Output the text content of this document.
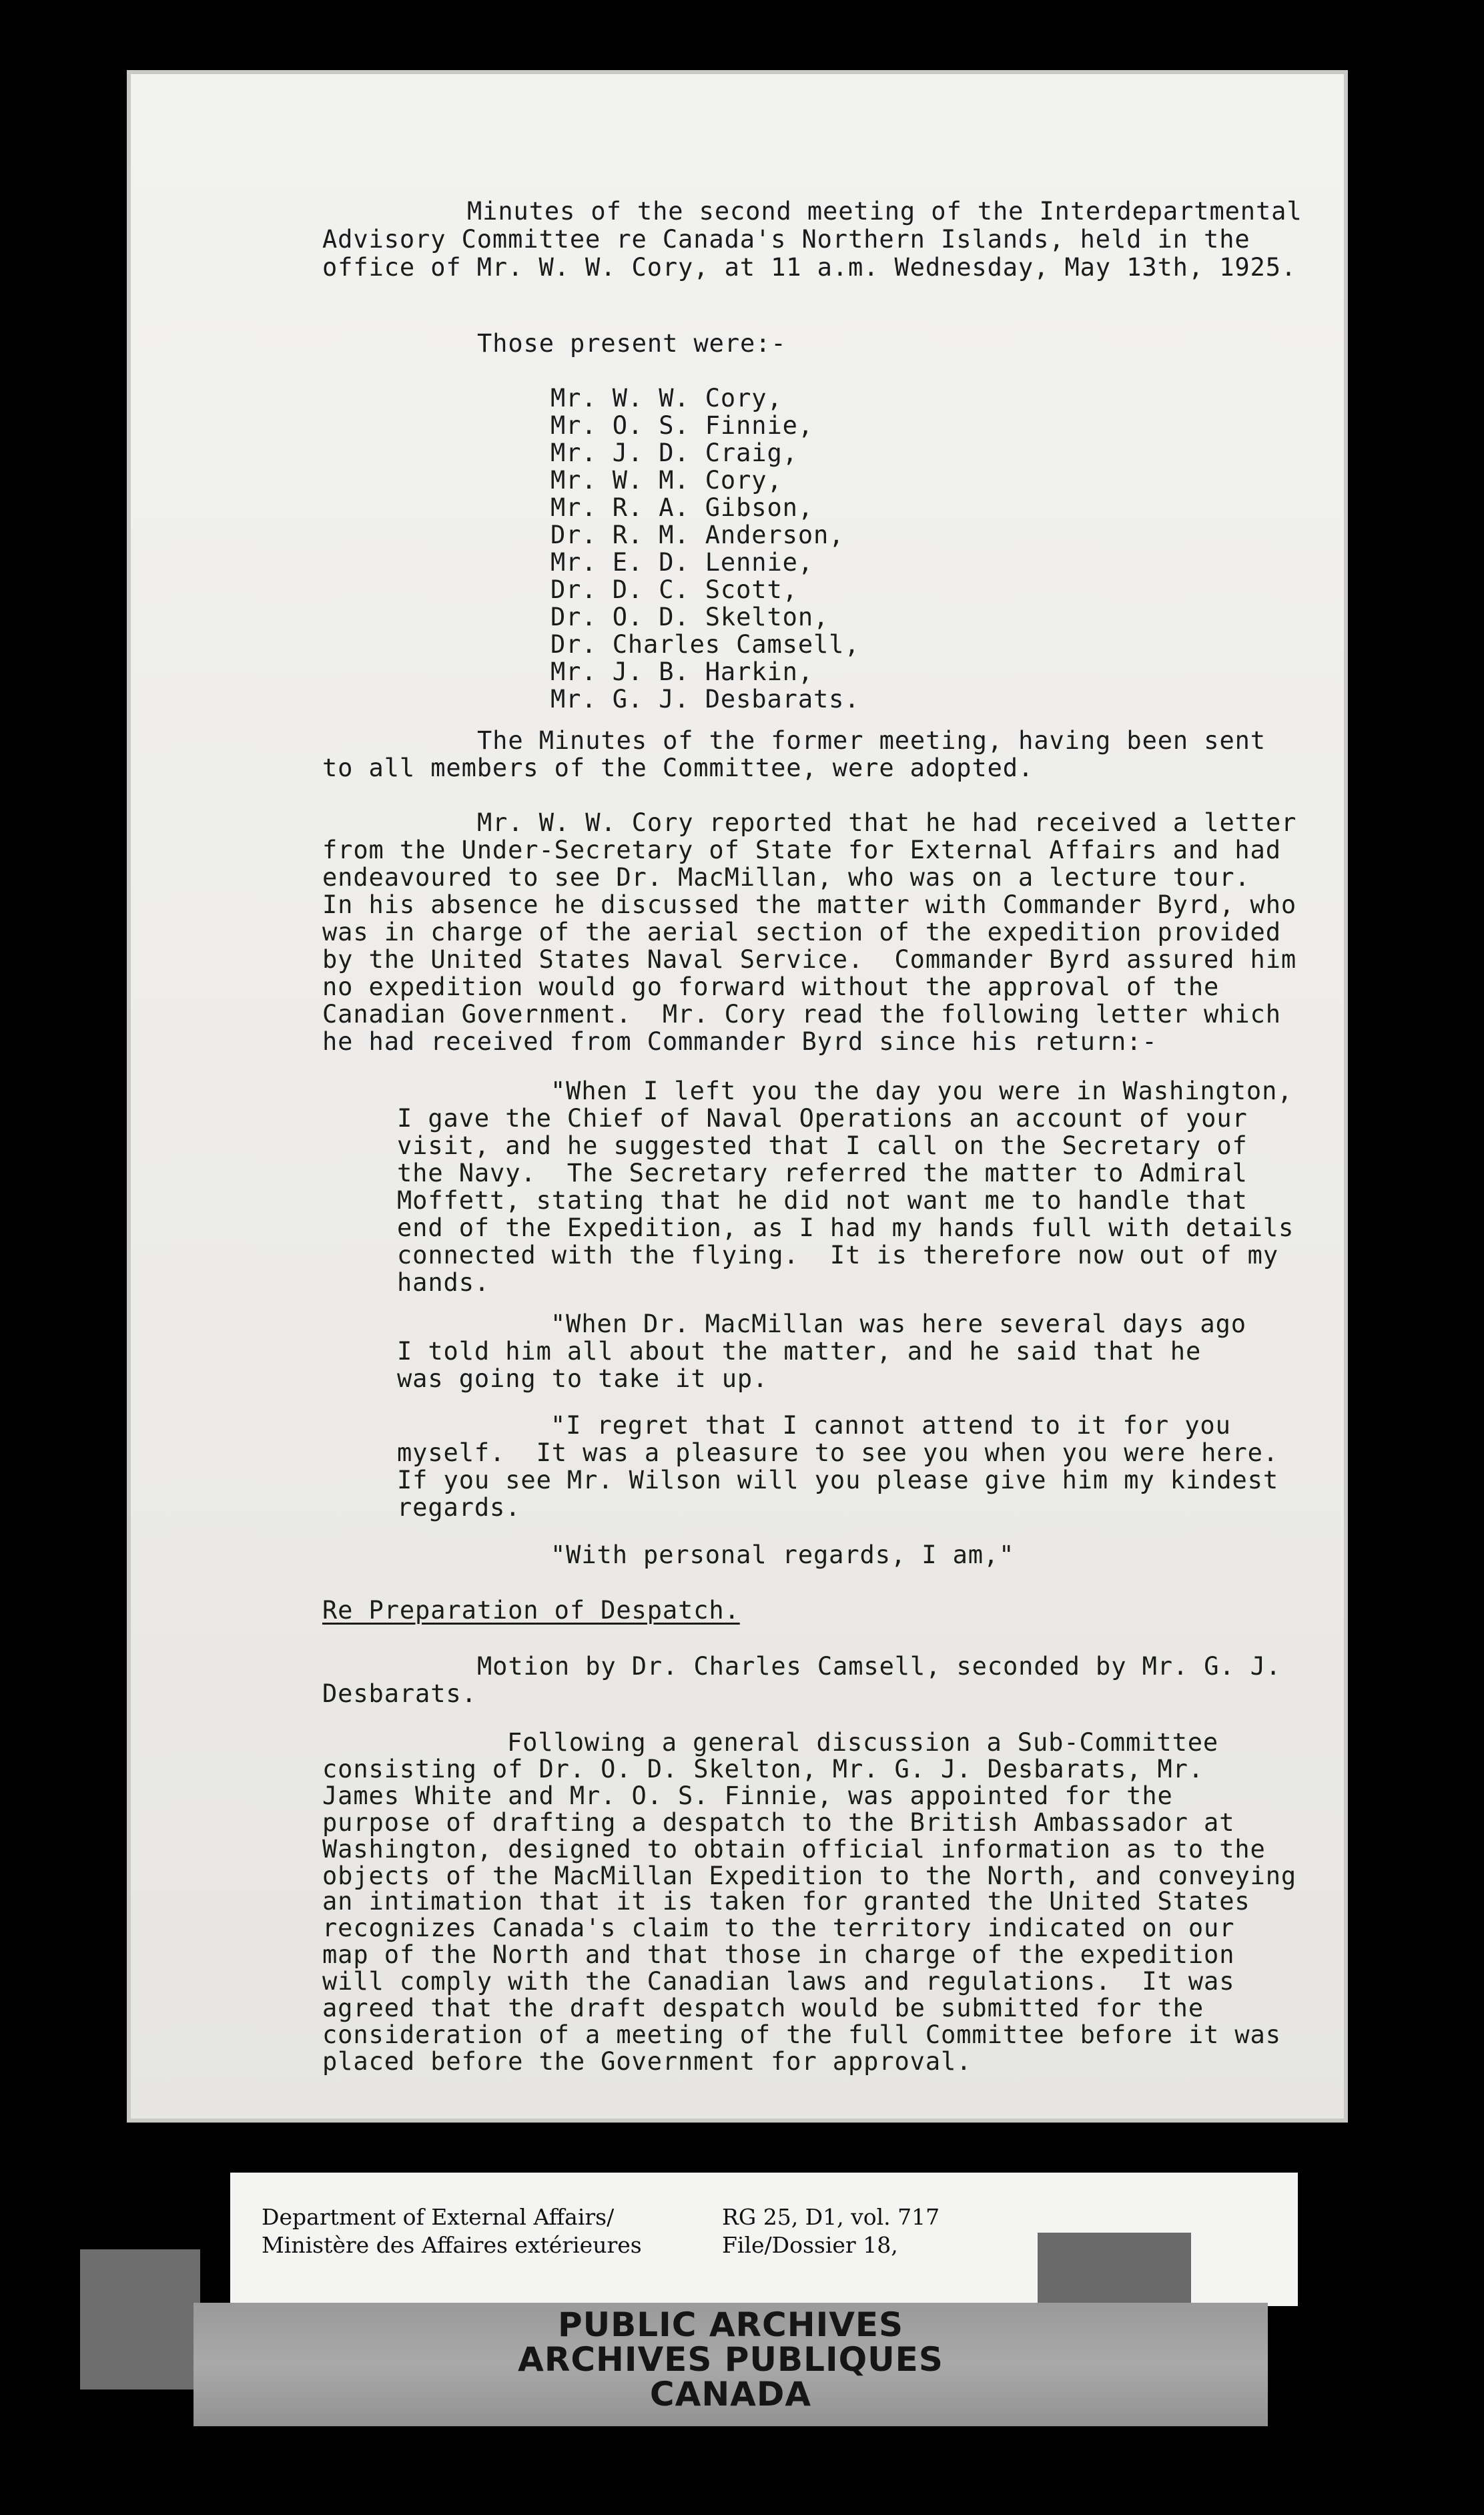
Minutes of the second meeting of the Interdepartmental
Advisory Committee re Canada's Northern Islands, held in the
office of Mr. W. W. Cory, at 11 a.m. Wednesday, May 13th, 1925.
Those present were:-
Mr. W. W. Cory,
Mr. O. S. Finnie,
Mr. J. D. Craig,
Mr. W. M. Cory,
Mr. R. A. Gibson,
Dr. R. M. Anderson,
Mr. E. D. Lennie,
Dr. D. C. Scott,
Dr. O. D. Skelton,
Dr. Charles Camsell,
Mr. J. B. Harkin,
Mr. G. J. Desbarats.
The Minutes of the former meeting, having been sent
to all members of the Committee, were adopted.
Mr. W. W. Cory reported that he had received a letter
from the Under-Secretary of State for External Affairs and had
endeavoured to see Dr. MacMillan, who was on a lecture tour.
In his absence he discussed the matter with Commander Byrd, who
was in charge of the aerial section of the expedition provided
by the United States Naval Service.  Commander Byrd assured him
no expedition would go forward without the approval of the
Canadian Government.  Mr. Cory read the following letter which
he had received from Commander Byrd since his return:-
"When I left you the day you were in Washington,
I gave the Chief of Naval Operations an account of your
visit, and he suggested that I call on the Secretary of
the Navy.  The Secretary referred the matter to Admiral
Moffett, stating that he did not want me to handle that
end of the Expedition, as I had my hands full with details
connected with the flying.  It is therefore now out of my
hands.
"When Dr. MacMillan was here several days ago
I told him all about the matter, and he said that he
was going to take it up.
"I regret that I cannot attend to it for you
myself.  It was a pleasure to see you when you were here.
If you see Mr. Wilson will you please give him my kindest
regards.
"With personal regards, I am,"
Re Preparation of Despatch.
Motion by Dr. Charles Camsell, seconded by Mr. G. J.
Desbarats.
Following a general discussion a Sub-Committee
consisting of Dr. O. D. Skelton, Mr. G. J. Desbarats, Mr.
James White and Mr. O. S. Finnie, was appointed for the
purpose of drafting a despatch to the British Ambassador at
Washington, designed to obtain official information as to the
objects of the MacMillan Expedition to the North, and conveying
an intimation that it is taken for granted the United States
recognizes Canada's claim to the territory indicated on our
map of the North and that those in charge of the expedition
will comply with the Canadian laws and regulations.  It was
agreed that the draft despatch would be submitted for the
consideration of a meeting of the full Committee before it was
placed before the Government for approval.
Department of External Affairs/
Ministère des Affaires extérieures
RG 25, D1, vol. 717
File/Dossier 18,
PUBLIC ARCHIVES
ARCHIVES PUBLIQUES
CANADA
